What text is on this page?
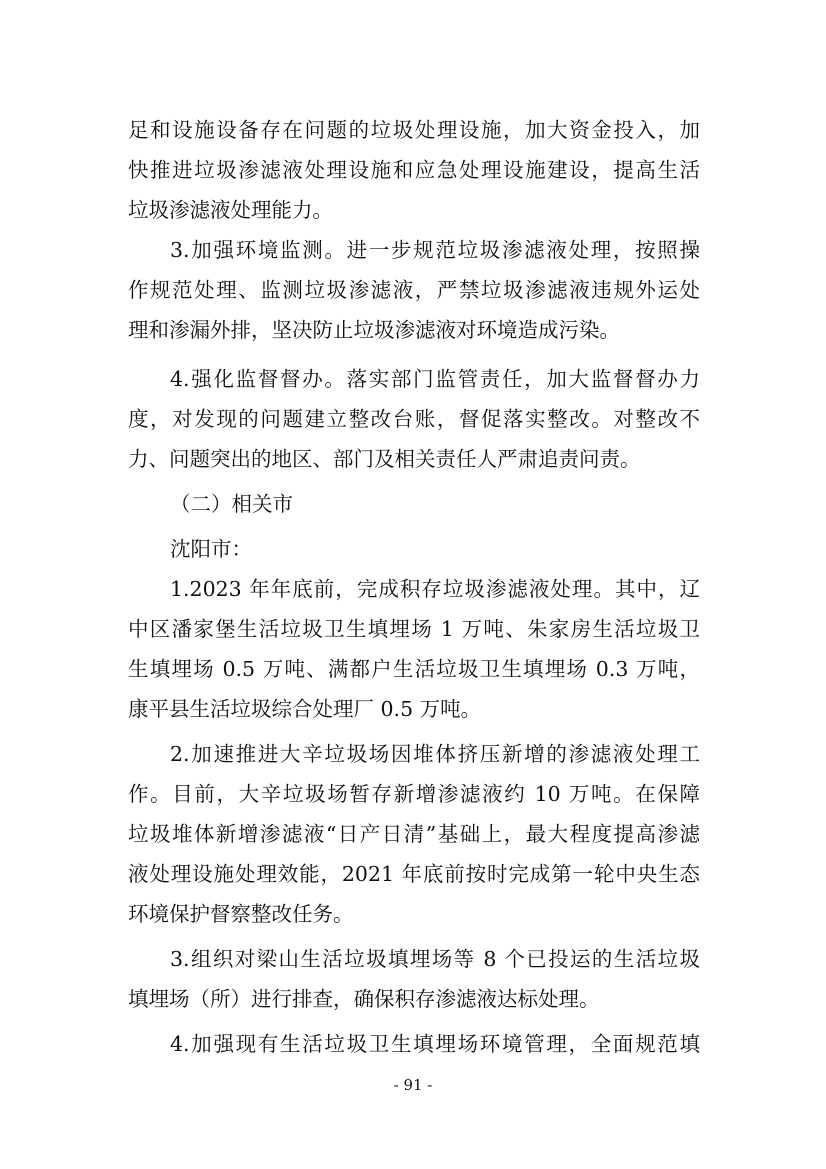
足和设施设备存在问题的垃圾处理设施，加大资金投入，加
快推进垃圾渗滤液处理设施和应急处理设施建设，提高生活
垃圾渗滤液处理能力。
3.加强环境监测。进一步规范垃圾渗滤液处理，按照操
作规范处理、监测垃圾渗滤液，严禁垃圾渗滤液违规外运处
理和渗漏外排，坚决防止垃圾渗滤液对环境造成污染。
4.强化监督督办。落实部门监管责任，加大监督督办力
度，对发现的问题建立整改台账，督促落实整改。对整改不
力、问题突出的地区、部门及相关责任人严肃追责问责。
（二）相关市
沈阳市：
1.2023 年年底前，完成积存垃圾渗滤液处理。其中，辽
中区潘家堡生活垃圾卫生填埋场 1 万吨、朱家房生活垃圾卫
生填埋场 0.5 万吨、满都户生活垃圾卫生填埋场 0.3 万吨，
康平县生活垃圾综合处理厂 0.5 万吨。
2.加速推进大辛垃圾场因堆体挤压新增的渗滤液处理工
作。目前，大辛垃圾场暂存新增渗滤液约 10 万吨。在保障
垃圾堆体新增渗滤液“日产日清”基础上，最大程度提高渗滤
液处理设施处理效能，2021 年底前按时完成第一轮中央生态
环境保护督察整改任务。
3.组织对梁山生活垃圾填埋场等 8 个已投运的生活垃圾
填埋场（所）进行排查，确保积存渗滤液达标处理。
4.加强现有生活垃圾卫生填埋场环境管理，全面规范填
- 91 -
